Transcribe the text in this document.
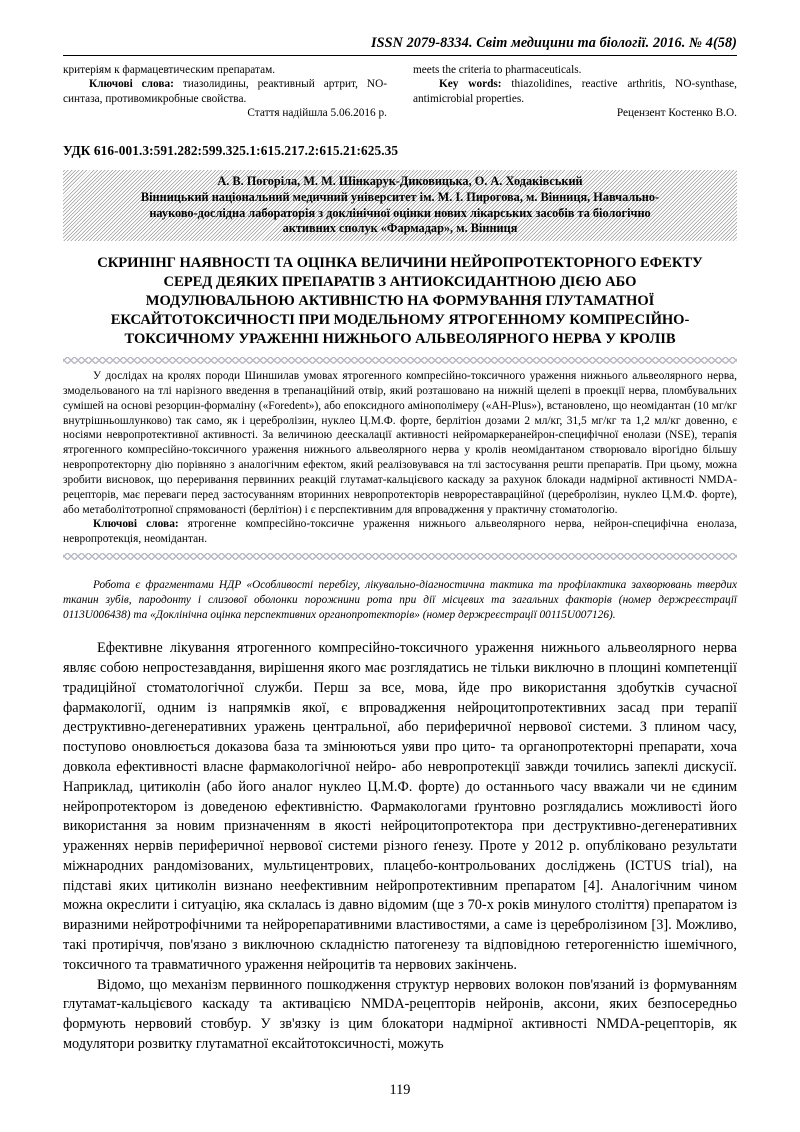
ISSN 2079-8334. Світ медицини та біології. 2016. № 4(58)

критеріям к фармацевтическим препаратам.

Ключові слова: тиазолидины, реактивный артрит, NO-синтаза, противомикробные свойства.

Стаття надійшла 5.06.2016 р.

meets the criteria to pharmaceuticals.

Key words: thiazolidines, reactive arthritis, NO-synthase, antimicrobial properties.

Рецензент Костенко В.О.

УДК 616-001.3:591.282:599.325.1:615.217.2:615.21:625.35

А. В. Погоріла, М. М. Шінкарук-Диковицька, О. А. Ходаківський

Вінницький національний медичний університет ім. М. І. Пирогова, м. Вінниця, Навчально-

науково-дослідна лабораторія з доклінічної оцінки нових лікарських засобів та біологічно

активних сполук «Фармадар», м. Вінниця

СКРИНІНГ НАЯВНОСТІ ТА ОЦІНКА ВЕЛИЧИНИ НЕЙРОПРОТЕКТОРНОГО ЕФЕКТУ

СЕРЕД ДЕЯКИХ ПРЕПАРАТІВ З АНТИОКСИДАНТНОЮ ДІЄЮ АБО

МОДУЛЮВАЛЬНОЮ АКТИВНІСТЮ НА ФОРМУВАННЯ ГЛУТАМАТНОЇ

ЕКСАЙТОТОКСИЧНОСТІ ПРИ МОДЕЛЬНОМУ ЯТРОГЕННОМУ КОМПРЕСІЙНО-

ТОКСИЧНОМУ УРАЖЕННІ НИЖНЬОГО АЛЬВЕОЛЯРНОГО НЕРВА У КРОЛІВ

У дослідах на кролях породи Шиншилав умовах ятрогенного компресійно-токсичного ураження нижнього альвеолярного нерва, змодельованого на тлі нарізного введення в трепанаційний отвір, який розташовано на нижній щелепі в проекції нерва, пломбувальних сумішей на основі резорцин-формаліну («Foredent»), або епоксидного амінополімеру («АН-Plus»), встановлено, що неомідантан (10 мг/кг внутрішньошлунково) так само, як і церебролізин, нуклео Ц.М.Ф. форте, берлітіон дозами 2 мл/кг, 31,5 мг/кг та 1,2 мл/кг довенно, є носіями невропротективної активності. За величиною деескалації активності нейромаркеранейрон-специфічної енолази (NSE), терапія ятрогенного компресійно-токсичного ураження нижнього альвеолярного нерва у кролів неомідантаном створювало вірогідно більшу невропротекторну дію порівняно з аналогічним ефектом, який реалізовувався на тлі застосування решти препаратів. При цьому, можна зробити висновок, що переривання первинних реакцій глутамат-кальцієвого каскаду за рахунок блокади надмірної активності NMDA-рецепторів, має переваги перед застосуванням вторинних невропротекторів неврореставраційної (церебролізин, нуклео Ц.М.Ф. форте), або метаболітотропної спрямованості (берлітіон) і є перспективним для впровадження у практичну стоматологію.

Ключові слова: ятрогенне компресійно-токсичне ураження нижнього альвеолярного нерва, нейрон-специфічна енолаза, невропротекція, неомідантан.

Робота є фрагментами НДР «Особливості перебігу, лікувально-діагностична тактика та профілактика захворювань твердих тканин зубів, пародонту і слизової оболонки порожнини рота при дії місцевих та загальних факторів (номер держреєстрації 0113U006438) та «Доклінічна оцінка перспективних органопротекторів» (номер держреєстрації 00115U007126).

Ефективне лікування ятрогенного компресійно-токсичного ураження нижнього альвеолярного нерва являє собою непростезавдання, вирішення якого має розглядатись не тільки виключно в площині компетенції традиційної стоматологічної служби. Перш за все, мова, йде про використання здобутків сучасної фармакології, одним із напрямків якої, є впровадження нейроцитопротективних засад при терапії деструктивно-дегенеративних уражень центральної, або периферичної нервової системи. З плином часу, поступово оновлюється доказова база та змінюються уяви про цито- та органопротекторні препарати, хоча довкола ефективності власне фармакологічної нейро- або невропротекції завжди точились запеклі дискусії. Наприклад, цитиколін (або його аналог нуклео Ц.М.Ф. форте) до останнього часу вважали чи не єдиним нейропротектором із доведеною ефективністю. Фармакологами ґрунтовно розглядались можливості його використання за новим призначенням в якості нейроцитопротектора при деструктивно-дегенеративних ураженнях нервів периферичної нервової системи різного ґенезу. Проте у 2012 р. опубліковано результати міжнародних рандомізованих, мультицентрових, плацебо-контрольованих досліджень (ICTUS trial), на підставі яких цитиколін визнано неефективним нейропротективним препаратом [4]. Аналогічним чином можна окреслити і ситуацію, яка склалась із давно відомим (ще з 70-х років минулого століття) препаратом із виразними нейротрофічними та нейрорепаративними властивостями, а саме із церебролізином [3]. Можливо, такі протиріччя, пов'язано з виключною складністю патогенезу та відповідною гетерогенністю ішемічного, токсичного та травматичного ураження нейроцитів та нервових закінчень.

Відомо, що механізм первинного пошкодження структур нервових волокон пов'язаний із формуванням глутамат-кальцієвого каскаду та активацією NMDA-рецепторів нейронів, аксони, яких безпосередньо формують нервовий стовбур. У зв'язку із цим блокатори надмірної активності NMDA-рецепторів, як модулятори розвитку глутаматної ексайтотоксичності, можуть

119
